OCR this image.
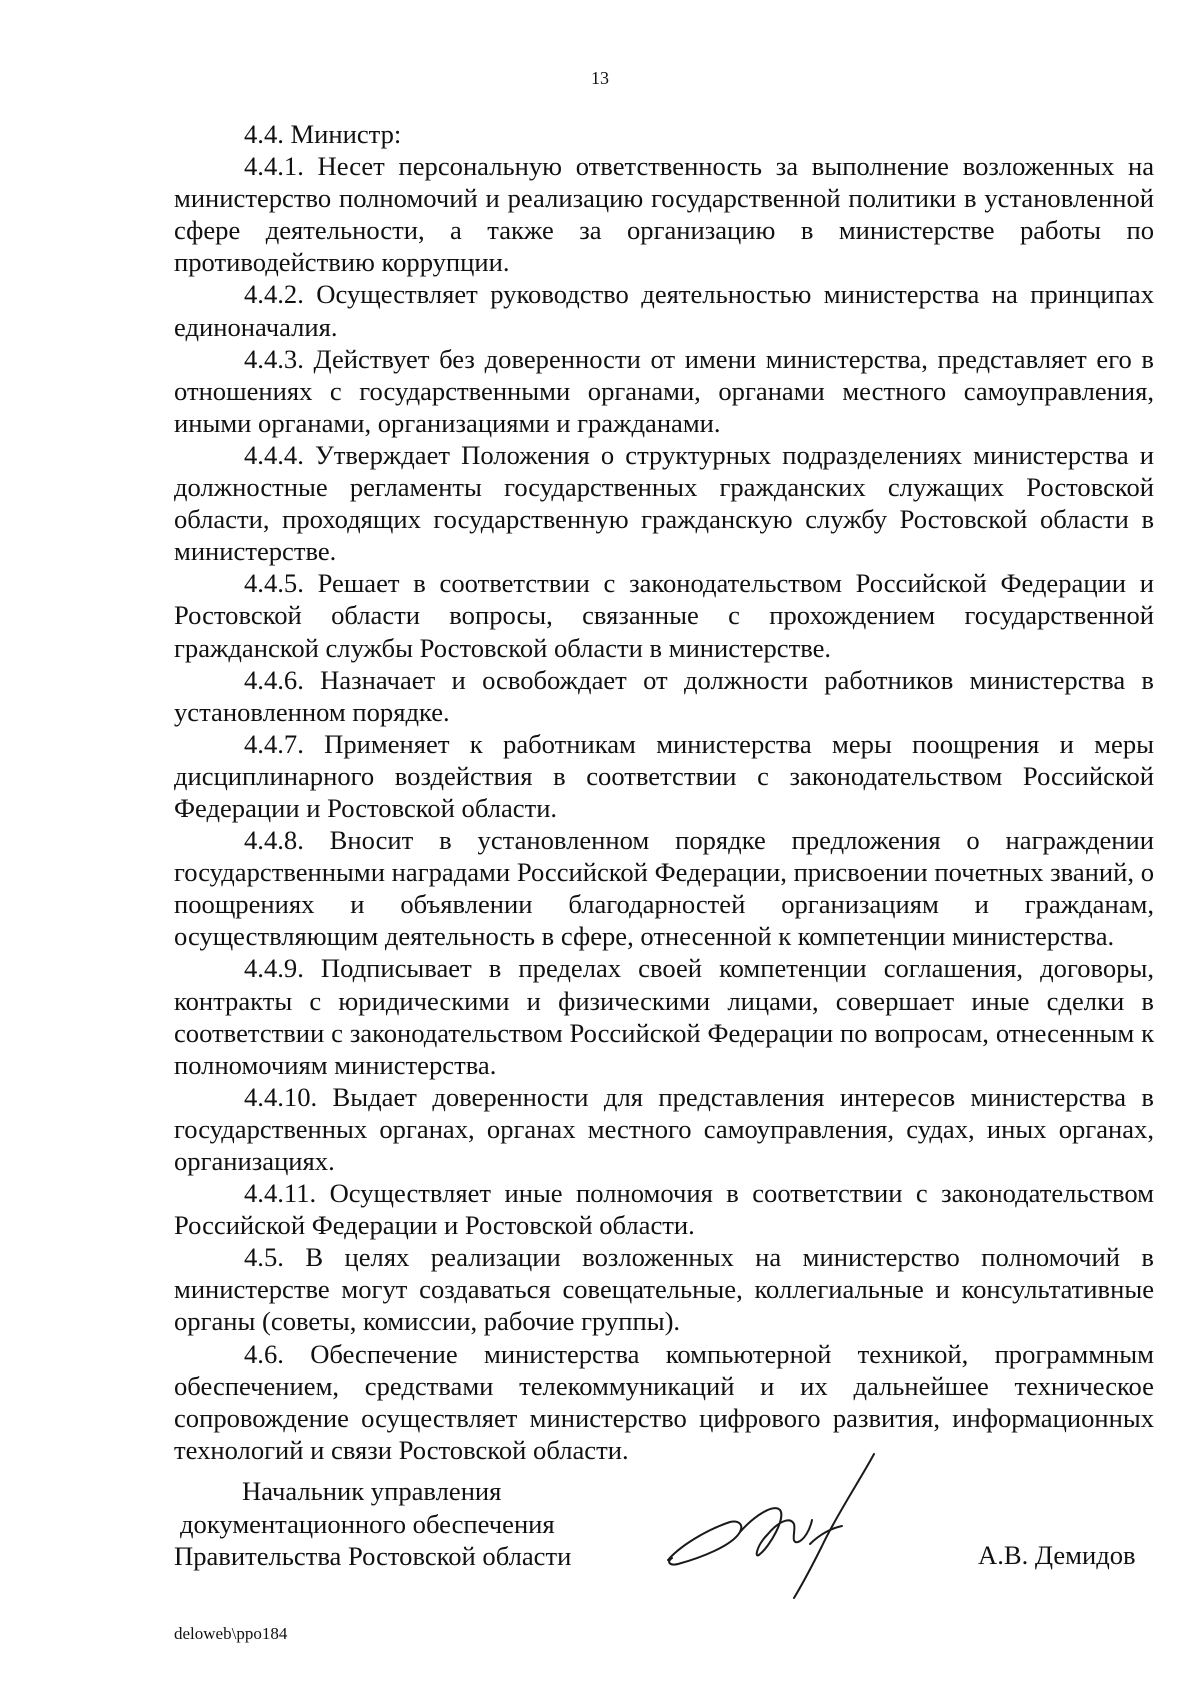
13

4.4. Министр:

4.4.1. Несет персональную ответственность за выполнение возложенных на министерство полномочий и реализацию государственной политики в установленной сфере деятельности, а также за организацию в министерстве работы по противодействию коррупции.

4.4.2. Осуществляет руководство деятельностью министерства на принципах единоначалия.

4.4.3. Действует без доверенности от имени министерства, представляет его в отношениях с государственными органами, органами местного самоуправления, иными органами, организациями и гражданами.

4.4.4. Утверждает Положения о структурных подразделениях министерства и должностные регламенты государственных гражданских служащих Ростовской области, проходящих государственную гражданскую службу Ростовской области в министерстве.

4.4.5. Решает в соответствии с законодательством Российской Федерации и Ростовской области вопросы, связанные с прохождением государственной гражданской службы Ростовской области в министерстве.

4.4.6. Назначает и освобождает от должности работников министерства в установленном порядке.

4.4.7. Применяет к работникам министерства меры поощрения и меры дисциплинарного воздействия в соответствии с законодательством Российской Федерации и Ростовской области.

4.4.8. Вносит в установленном порядке предложения о награждении государственными наградами Российской Федерации, присвоении почетных званий, о поощрениях и объявлении благодарностей организациям и гражданам, осуществляющим деятельность в сфере, отнесенной к компетенции министерства.

4.4.9. Подписывает в пределах своей компетенции соглашения, договоры, контракты с юридическими и физическими лицами, совершает иные сделки в соответствии с законодательством Российской Федерации по вопросам, отнесенным к полномочиям министерства.

4.4.10. Выдает доверенности для представления интересов министерства в государственных органах, органах местного самоуправления, судах, иных органах, организациях.

4.4.11. Осуществляет иные полномочия в соответствии с законодательством Российской Федерации и Ростовской области.

4.5. В целях реализации возложенных на министерство полномочий в министерстве могут создаваться совещательные, коллегиальные и консультативные органы (советы, комиссии, рабочие группы).

4.6. Обеспечение министерства компьютерной техникой, программным обеспечением, средствами телекоммуникаций и их дальнейшее техническое сопровождение осуществляет министерство цифрового развития, информационных технологий и связи Ростовской области.

Начальник управления
документационного обеспечения
Правительства Ростовской области	А.В. Демидов
deloweb\ppo184
